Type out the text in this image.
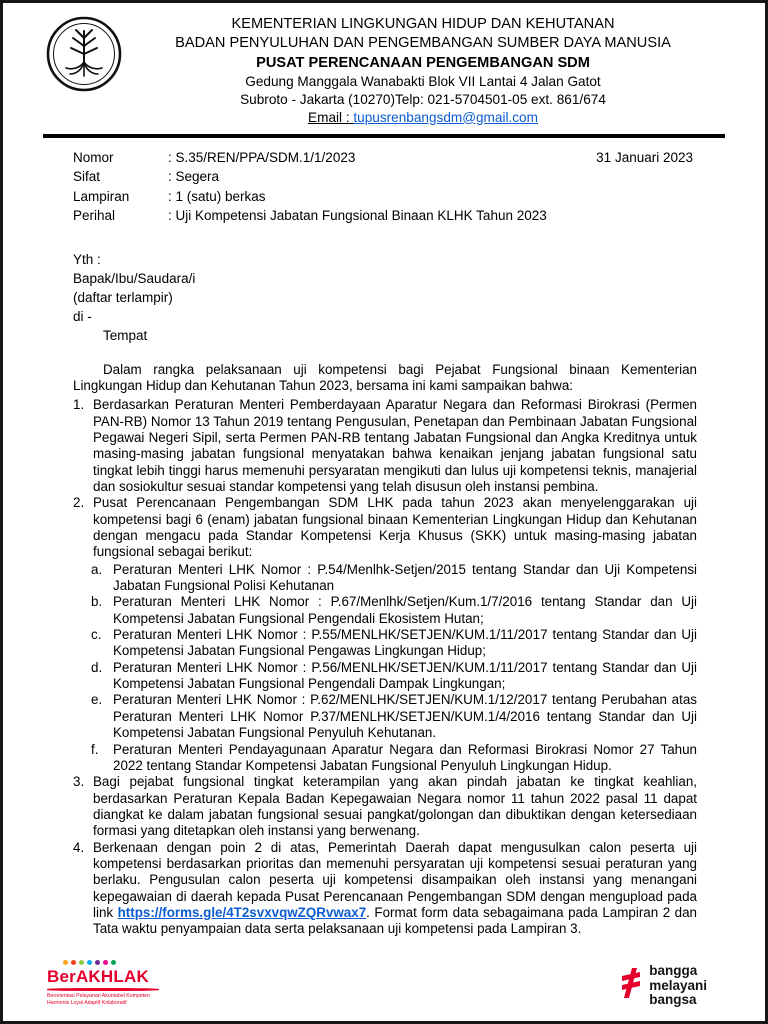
KEMENTERIAN LINGKUNGAN HIDUP DAN KEHUTANAN
BADAN PENYULUHAN DAN PENGEMBANGAN SUMBER DAYA MANUSIA
PUSAT PERENCANAAN PENGEMBANGAN SDM
Gedung Manggala Wanabakti Blok VII Lantai 4 Jalan Gatot
Subroto - Jakarta (10270)Telp: 021-5704501-05 ext. 861/674
Email : tupusrenbangsdm@gmail.com
Nomor	: S.35/REN/PPA/SDM.1/1/2023
Sifat	: Segera
Lampiran	: 1 (satu) berkas
Perihal	: Uji Kompetensi Jabatan Fungsional Binaan KLHK Tahun 2023
31 Januari 2023
Yth :
Bapak/Ibu/Saudara/i
(daftar terlampir)
di -
Tempat

Dalam rangka pelaksanaan uji kompetensi bagi Pejabat Fungsional binaan Kementerian Lingkungan Hidup dan Kehutanan Tahun 2023, bersama ini kami sampaikan bahwa:

1. Berdasarkan Peraturan Menteri Pemberdayaan Aparatur Negara dan Reformasi Birokrasi (Permen PAN-RB) Nomor 13 Tahun 2019 tentang Pengusulan, Penetapan dan Pembinaan Jabatan Fungsional Pegawai Negeri Sipil, serta Permen PAN-RB tentang Jabatan Fungsional dan Angka Kreditnya untuk masing-masing jabatan fungsional menyatakan bahwa kenaikan jenjang jabatan fungsional satu tingkat lebih tinggi harus memenuhi persyaratan mengikuti dan lulus uji kompetensi teknis, manajerial dan sosiokultur sesuai standar kompetensi yang telah disusun oleh instansi pembina.
2. Pusat Perencanaan Pengembangan SDM LHK pada tahun 2023 akan menyelenggarakan uji kompetensi bagi 6 (enam) jabatan fungsional binaan Kementerian Lingkungan Hidup dan Kehutanan dengan mengacu pada Standar Kompetensi Kerja Khusus (SKK) untuk masing-masing jabatan fungsional sebagai berikut:
a. Peraturan Menteri LHK Nomor : P.54/Menlhk-Setjen/2015 tentang Standar dan Uji Kompetensi Jabatan Fungsional Polisi Kehutanan
b. Peraturan Menteri LHK Nomor : P.67/Menlhk/Setjen/Kum.1/7/2016 tentang Standar dan Uji Kompetensi Jabatan Fungsional Pengendali Ekosistem Hutan;
c. Peraturan Menteri LHK Nomor : P.55/MENLHK/SETJEN/KUM.1/11/2017 tentang Standar dan Uji Kompetensi Jabatan Fungsional Pengawas Lingkungan Hidup;
d. Peraturan Menteri LHK Nomor : P.56/MENLHK/SETJEN/KUM.1/11/2017 tentang Standar dan Uji Kompetensi Jabatan Fungsional Pengendali Dampak Lingkungan;
e. Peraturan Menteri LHK Nomor : P.62/MENLHK/SETJEN/KUM.1/12/2017 tentang Perubahan atas Peraturan Menteri LHK Nomor P.37/MENLHK/SETJEN/KUM.1/4/2016 tentang Standar dan Uji Kompetensi Jabatan Fungsional Penyuluh Kehutanan.
f.	Peraturan Menteri Pendayagunaan Aparatur Negara dan Reformasi Birokrasi Nomor 27 Tahun 2022 tentang Standar Kompetensi Jabatan Fungsional Penyuluh Lingkungan Hidup.
3. Bagi pejabat fungsional tingkat keterampilan yang akan pindah jabatan ke tingkat keahlian, berdasarkan Peraturan Kepala Badan Kepegawaian Negara nomor 11 tahun 2022 pasal 11 dapat diangkat ke dalam jabatan fungsional sesuai pangkat/golongan dan dibuktikan dengan ketersediaan formasi yang ditetapkan oleh instansi yang berwenang.
4. Berkenaan dengan poin 2 di atas, Pemerintah Daerah dapat mengusulkan calon peserta uji kompetensi berdasarkan prioritas dan memenuhi persyaratan uji kompetensi sesuai peraturan yang berlaku. Pengusulan calon peserta uji kompetensi disampaikan oleh instansi yang menangani kepegawaian di daerah kepada Pusat Perencanaan Pengembangan SDM dengan mengupload pada link https://forms.gle/4T2svxvqwZQRvwax7. Format form data sebagaimana pada Lampiran 2 dan Tata waktu penyampaian data serta pelaksanaan uji kompetensi pada Lampiran 3.
BerAKHLAK
Berorientasi Pelayanan Akuntabel Kompeten
Harmonis Loyal Adaptif Kolaboratif
bangga
melayani
bangsa
